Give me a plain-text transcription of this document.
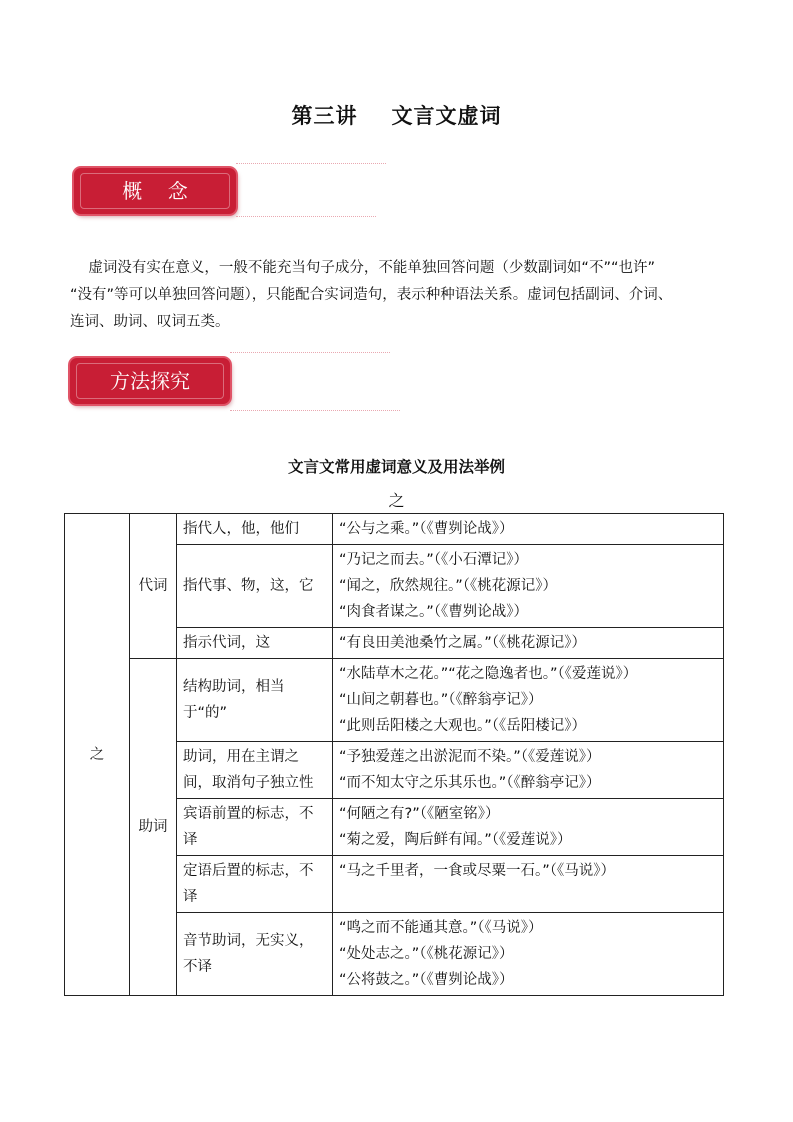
第三讲 文言文虚词
概    念

虚词没有实在意义，一般不能充当句子成分，不能单独回答问题（少数副词如“不”“也许”

“没有”等可以单独回答问题），只能配合实词造句，表示种种语法关系。虚词包括副词、介词、

连词、助词、叹词五类。

方法探究
文言文常用虚词意义及用法举例
之
之	代词	指代人，他，他们	“公与之乘。”（《曹刿论战》）

		指代事、物，这，它	“乃记之而去。”（《小石潭记》）
“闻之，欣然规往。”（《桃花源记》）
“肉食者谋之。”（《曹刿论战》）

		指示代词，这	“有良田美池桑竹之属。”（《桃花源记》）

	助词	结构助词，相当于“的”	“水陆草木之花。”“花之隐逸者也。”（《爱莲说》）
“山间之朝暮也。”（《醉翁亭记》）
“此则岳阳楼之大观也。”（《岳阳楼记》）

		助词，用在主谓之间，取消句子独立性	“予独爱莲之出淤泥而不染。”（《爱莲说》）
“而不知太守之乐其乐也。”（《醉翁亭记》）

		宾语前置的标志，不译	“何陋之有?”（《陋室铭》）
“菊之爱，陶后鲜有闻。”（《爱莲说》）

		定语后置的标志，不译	“马之千里者，一食或尽粟一石。”（《马说》）

		音节助词，无实义，不译	“鸣之而不能通其意。”（《马说》）
“处处志之。”（《桃花源记》）
“公将鼓之。”（《曹刿论战》）
